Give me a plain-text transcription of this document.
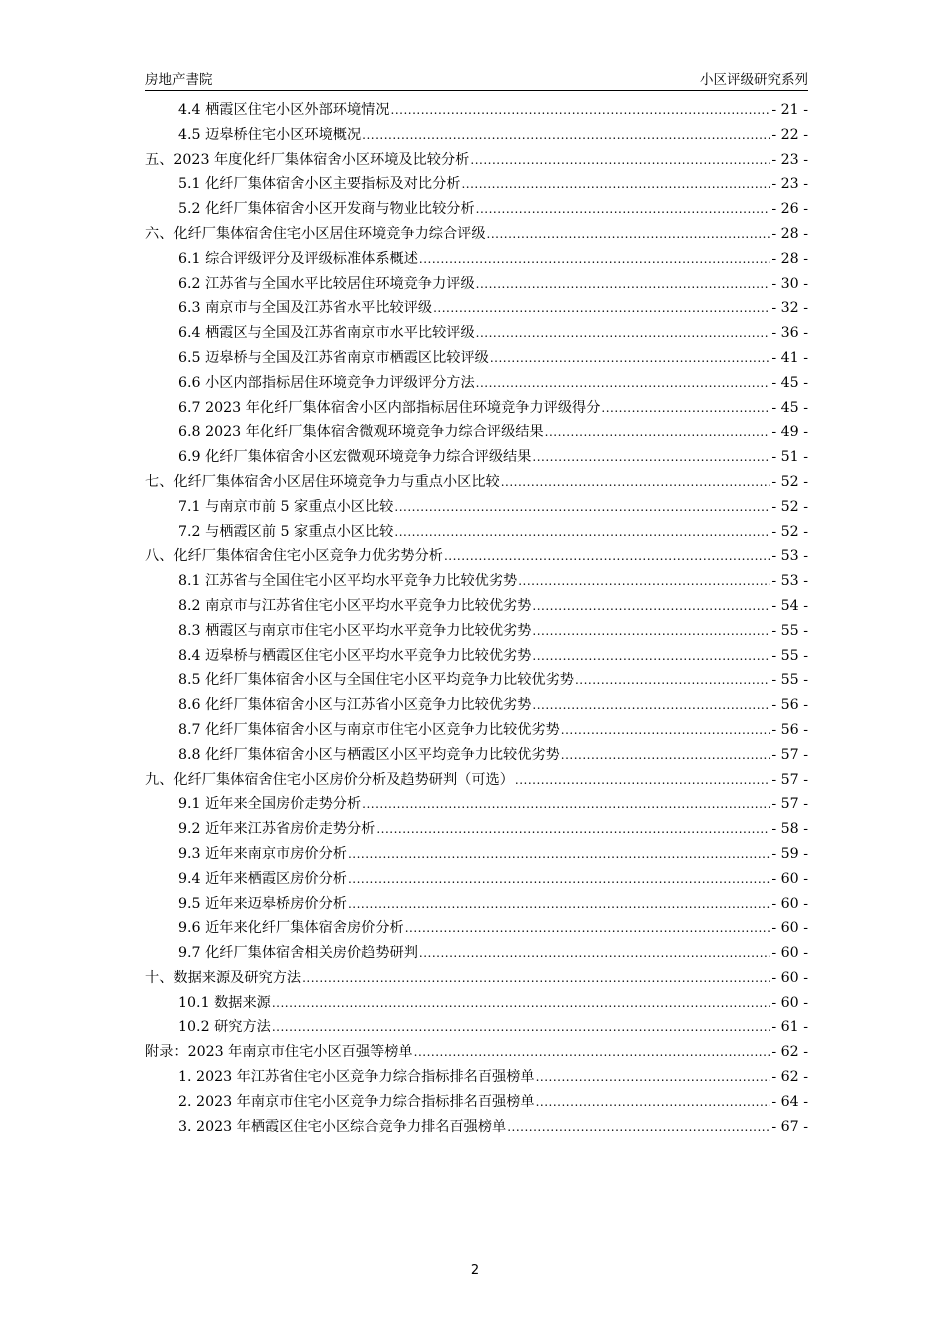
房地产書院	小区评级研究系列
4.4 栖霞区住宅小区外部环境情况 .....	- 21 -
4.5 迈皋桥住宅小区环境概况 .....	- 22 -
五、2023 年度化纤厂集体宿舍小区环境及比较分析 .....	- 23 -
5.1 化纤厂集体宿舍小区主要指标及对比分析 .....	- 23 -
5.2 化纤厂集体宿舍小区开发商与物业比较分析 .....	- 26 -
六、化纤厂集体宿舍住宅小区居住环境竞争力综合评级 .....	- 28 -
6.1 综合评级评分及评级标准体系概述 .....	- 28 -
6.2 江苏省与全国水平比较居住环境竞争力评级 .....	- 30 -
6.3 南京市与全国及江苏省水平比较评级 .....	- 32 -
6.4 栖霞区与全国及江苏省南京市水平比较评级 .....	- 36 -
6.5 迈皋桥与全国及江苏省南京市栖霞区比较评级 .....	- 41 -
6.6 小区内部指标居住环境竞争力评级评分方法 .....	- 45 -
6.7 2023 年化纤厂集体宿舍小区内部指标居住环境竞争力评级得分 .....	- 45 -
6.8 2023 年化纤厂集体宿舍微观环境竞争力综合评级结果 .....	- 49 -
6.9 化纤厂集体宿舍小区宏微观环境竞争力综合评级结果 .....	- 51 -
七、化纤厂集体宿舍小区居住环境竞争力与重点小区比较 .....	- 52 -
7.1 与南京市前 5 家重点小区比较 .....	- 52 -
7.2 与栖霞区前 5 家重点小区比较 .....	- 52 -
八、化纤厂集体宿舍住宅小区竞争力优劣势分析 .....	- 53 -
8.1 江苏省与全国住宅小区平均水平竞争力比较优劣势 .....	- 53 -
8.2 南京市与江苏省住宅小区平均水平竞争力比较优劣势 .....	- 54 -
8.3 栖霞区与南京市住宅小区平均水平竞争力比较优劣势 .....	- 55 -
8.4 迈皋桥与栖霞区住宅小区平均水平竞争力比较优劣势 .....	- 55 -
8.5 化纤厂集体宿舍小区与全国住宅小区平均竞争力比较优劣势 .....	- 55 -
8.6 化纤厂集体宿舍小区与江苏省小区竞争力比较优劣势 .....	- 56 -
8.7 化纤厂集体宿舍小区与南京市住宅小区竞争力比较优劣势 .....	- 56 -
8.8 化纤厂集体宿舍小区与栖霞区小区平均竞争力比较优劣势 .....	- 57 -
九、化纤厂集体宿舍住宅小区房价分析及趋势研判（可选） .....	- 57 -
9.1 近年来全国房价走势分析 .....	- 57 -
9.2 近年来江苏省房价走势分析 .....	- 58 -
9.3 近年来南京市房价分析 .....	- 59 -
9.4 近年来栖霞区房价分析 .....	- 60 -
9.5 近年来迈皋桥房价分析 .....	- 60 -
9.6 近年来化纤厂集体宿舍房价分析 .....	- 60 -
9.7 化纤厂集体宿舍相关房价趋势研判 .....	- 60 -
十、数据来源及研究方法 .....	- 60 -
10.1 数据来源 .....	- 60 -
10.2 研究方法 .....	- 61 -
附录：2023 年南京市住宅小区百强等榜单 .....	- 62 -
1. 2023 年江苏省住宅小区竞争力综合指标排名百强榜单 .....	- 62 -
2. 2023 年南京市住宅小区竞争力综合指标排名百强榜单 .....	- 64 -
3. 2023 年栖霞区住宅小区综合竞争力排名百强榜单 .....	- 67 -
2
